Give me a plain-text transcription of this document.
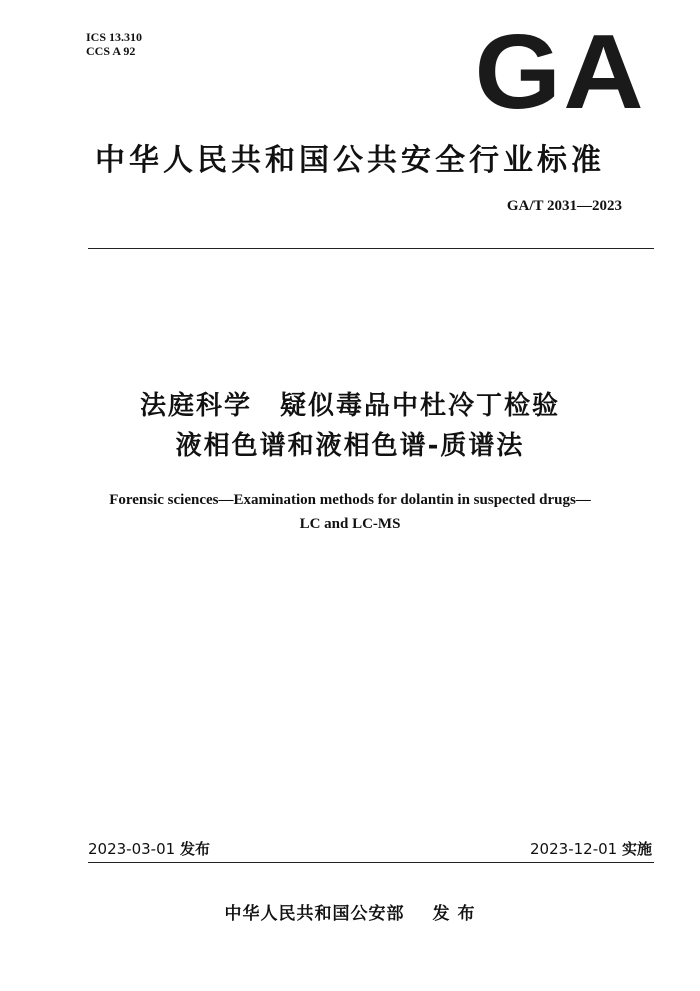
ICS 13.310
CCS A 92	GA
中华人民共和国公共安全行业标准
GA/T 2031—2023
法庭科学　疑似毒品中杜冷丁检验
液相色谱和液相色谱-质谱法
Forensic sciences—Examination methods for dolantin in suspected drugs—
LC and LC-MS
2023-03-01 发布	2023-12-01 实施
中华人民共和国公安部 发 布
